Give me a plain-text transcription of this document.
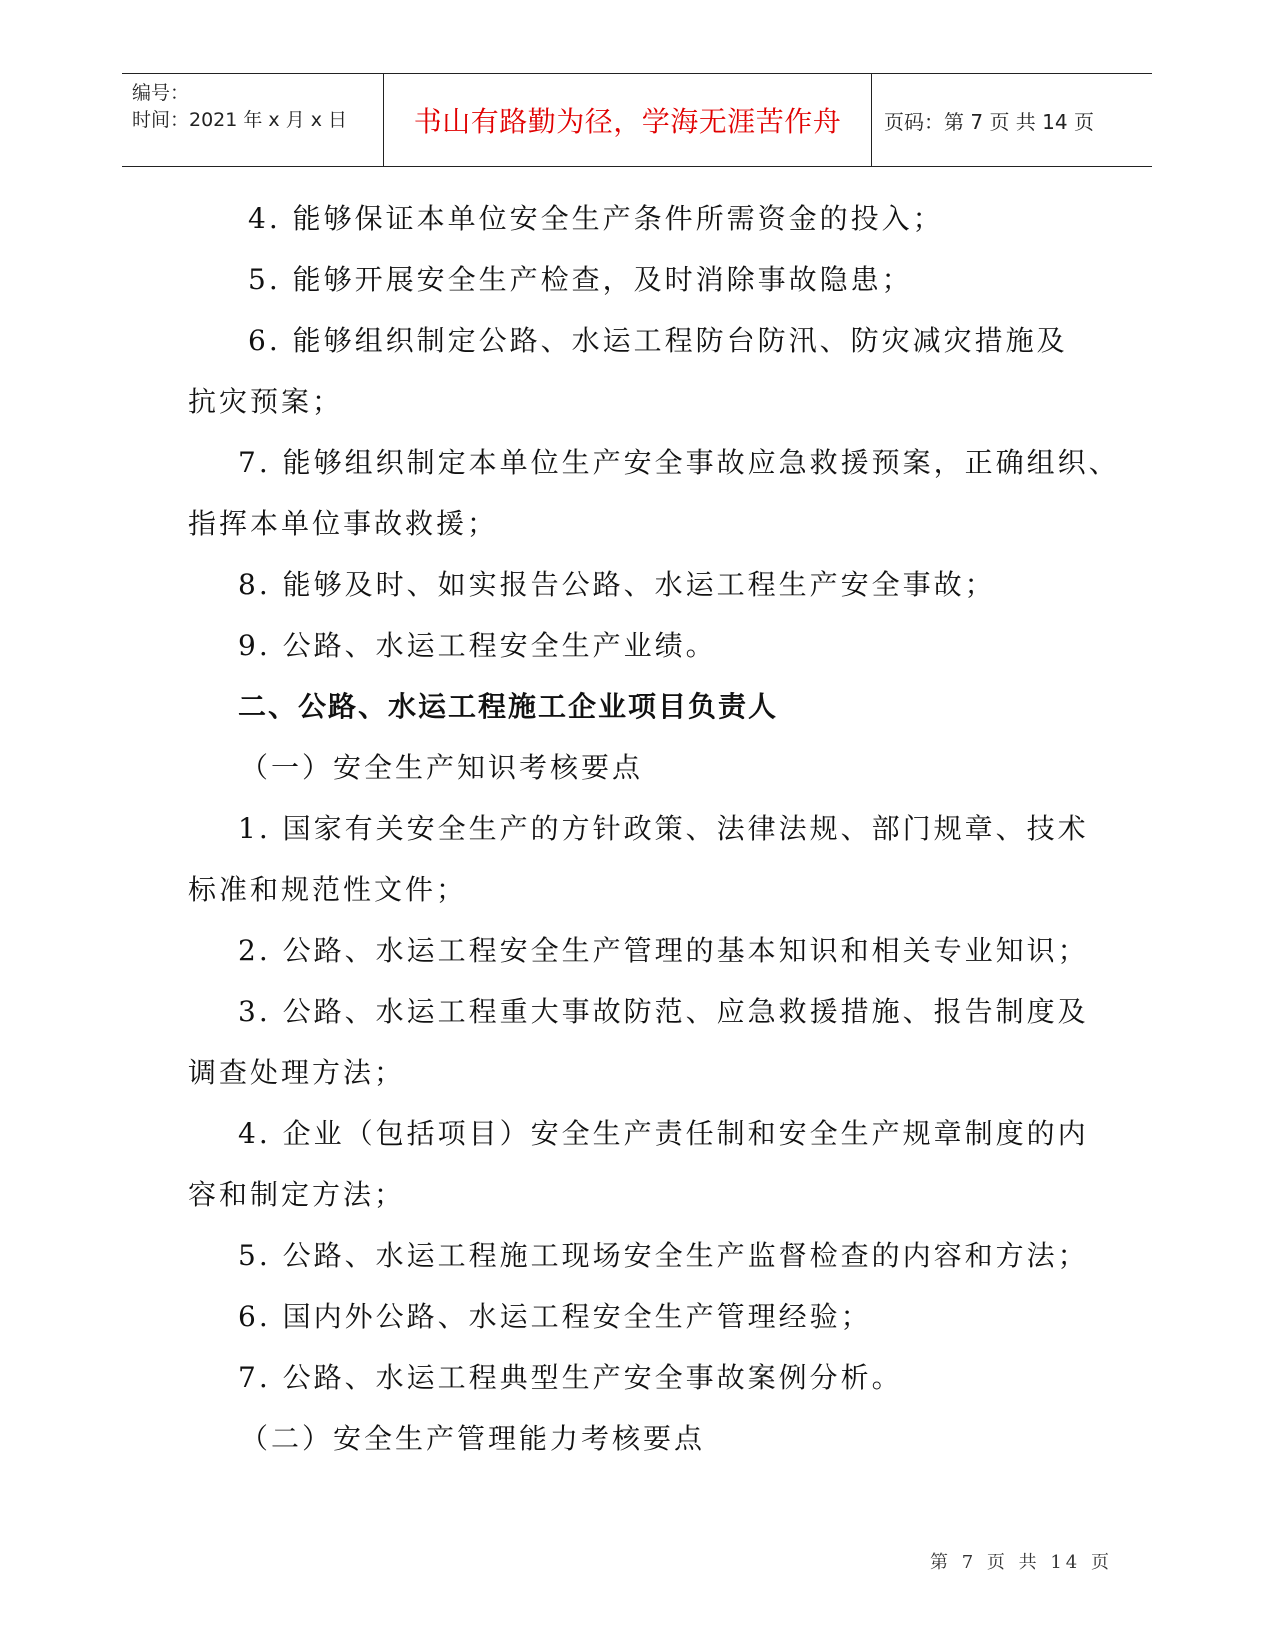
编号：
时间：2021 年 x 月 x 日	书山有路勤为径，学海无涯苦作舟	页码：第 7 页 共 14 页
4. 能够保证本单位安全生产条件所需资金的投入；
5. 能够开展安全生产检查，及时消除事故隐患；
6. 能够组织制定公路、水运工程防台防汛、防灾减灾措施及
抗灾预案；
7. 能够组织制定本单位生产安全事故应急救援预案，正确组织、
指挥本单位事故救援；
8. 能够及时、如实报告公路、水运工程生产安全事故；
9. 公路、水运工程安全生产业绩。
二、公路、水运工程施工企业项目负责人
（一）安全生产知识考核要点
1. 国家有关安全生产的方针政策、法律法规、部门规章、技术
标准和规范性文件；
2. 公路、水运工程安全生产管理的基本知识和相关专业知识；
3. 公路、水运工程重大事故防范、应急救援措施、报告制度及
调查处理方法；
4. 企业（包括项目）安全生产责任制和安全生产规章制度的内
容和制定方法；
5. 公路、水运工程施工现场安全生产监督检查的内容和方法；
6. 国内外公路、水运工程安全生产管理经验；
7. 公路、水运工程典型生产安全事故案例分析。
（二）安全生产管理能力考核要点
第 7 页 共 14 页
